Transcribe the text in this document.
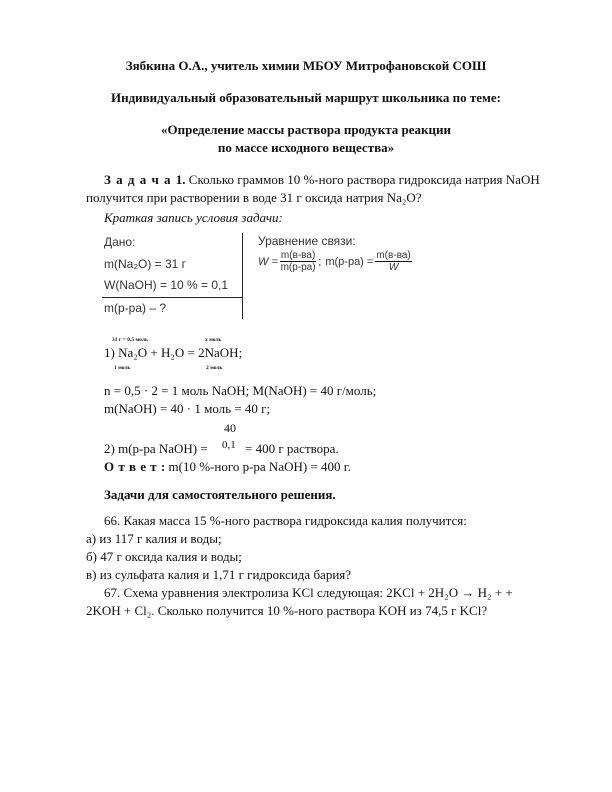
Зябкина О.А., учитель химии МБОУ Митрофановской СОШ
Индивидуальный образовательный маршрут школьника по теме:
«Определение массы раствора продукта реакции
по массе исходного вещества»
З а д а ч а 1. Сколько граммов 10 %-ного раствора гидроксида натрия NaOH
получится при растворении в воде 31 г оксида натрия Na₂O?
Краткая запись условия задачи:
Дано:
m(Na₂O) = 31 г
W(NaOH) = 10 % = 0,1
m(р-ра) – ?
Уравнение связи:
$W = \frac{m(в-ва)}{m(р-ра)}$ ; $m(р-ра) = \frac{m(в-ва)}{W}$
31 г = 0,5 моль	х моль
1) Na₂O + H₂O = 2NaOH;
1 моль	2 моль
n = 0,5 · 2 = 1 моль NaOH; M(NaOH) = 40 г/моль;
m(NaOH) = 40 · 1 моль = 40 г;
40
0,1
2) m(р-ра NaOH) =	= 400 г раствора.
О т в е т : m(10 %-ного р-ра NaOH) = 400 г.
Задачи для самостоятельного решения.
66. Какая масса 15 %-ного раствора гидроксида калия получится:
а) из 117 г калия и воды;
б) 47 г оксида калия и воды;
в) из сульфата калия и 1,71 г гидроксида бария?
67. Схема уравнения электролиза KCl следующая: 2KCl + 2H₂O → H₂ + +
2KOH + Cl₂. Сколько получится 10 %-ного раствора KOH из 74,5 г KCl?
